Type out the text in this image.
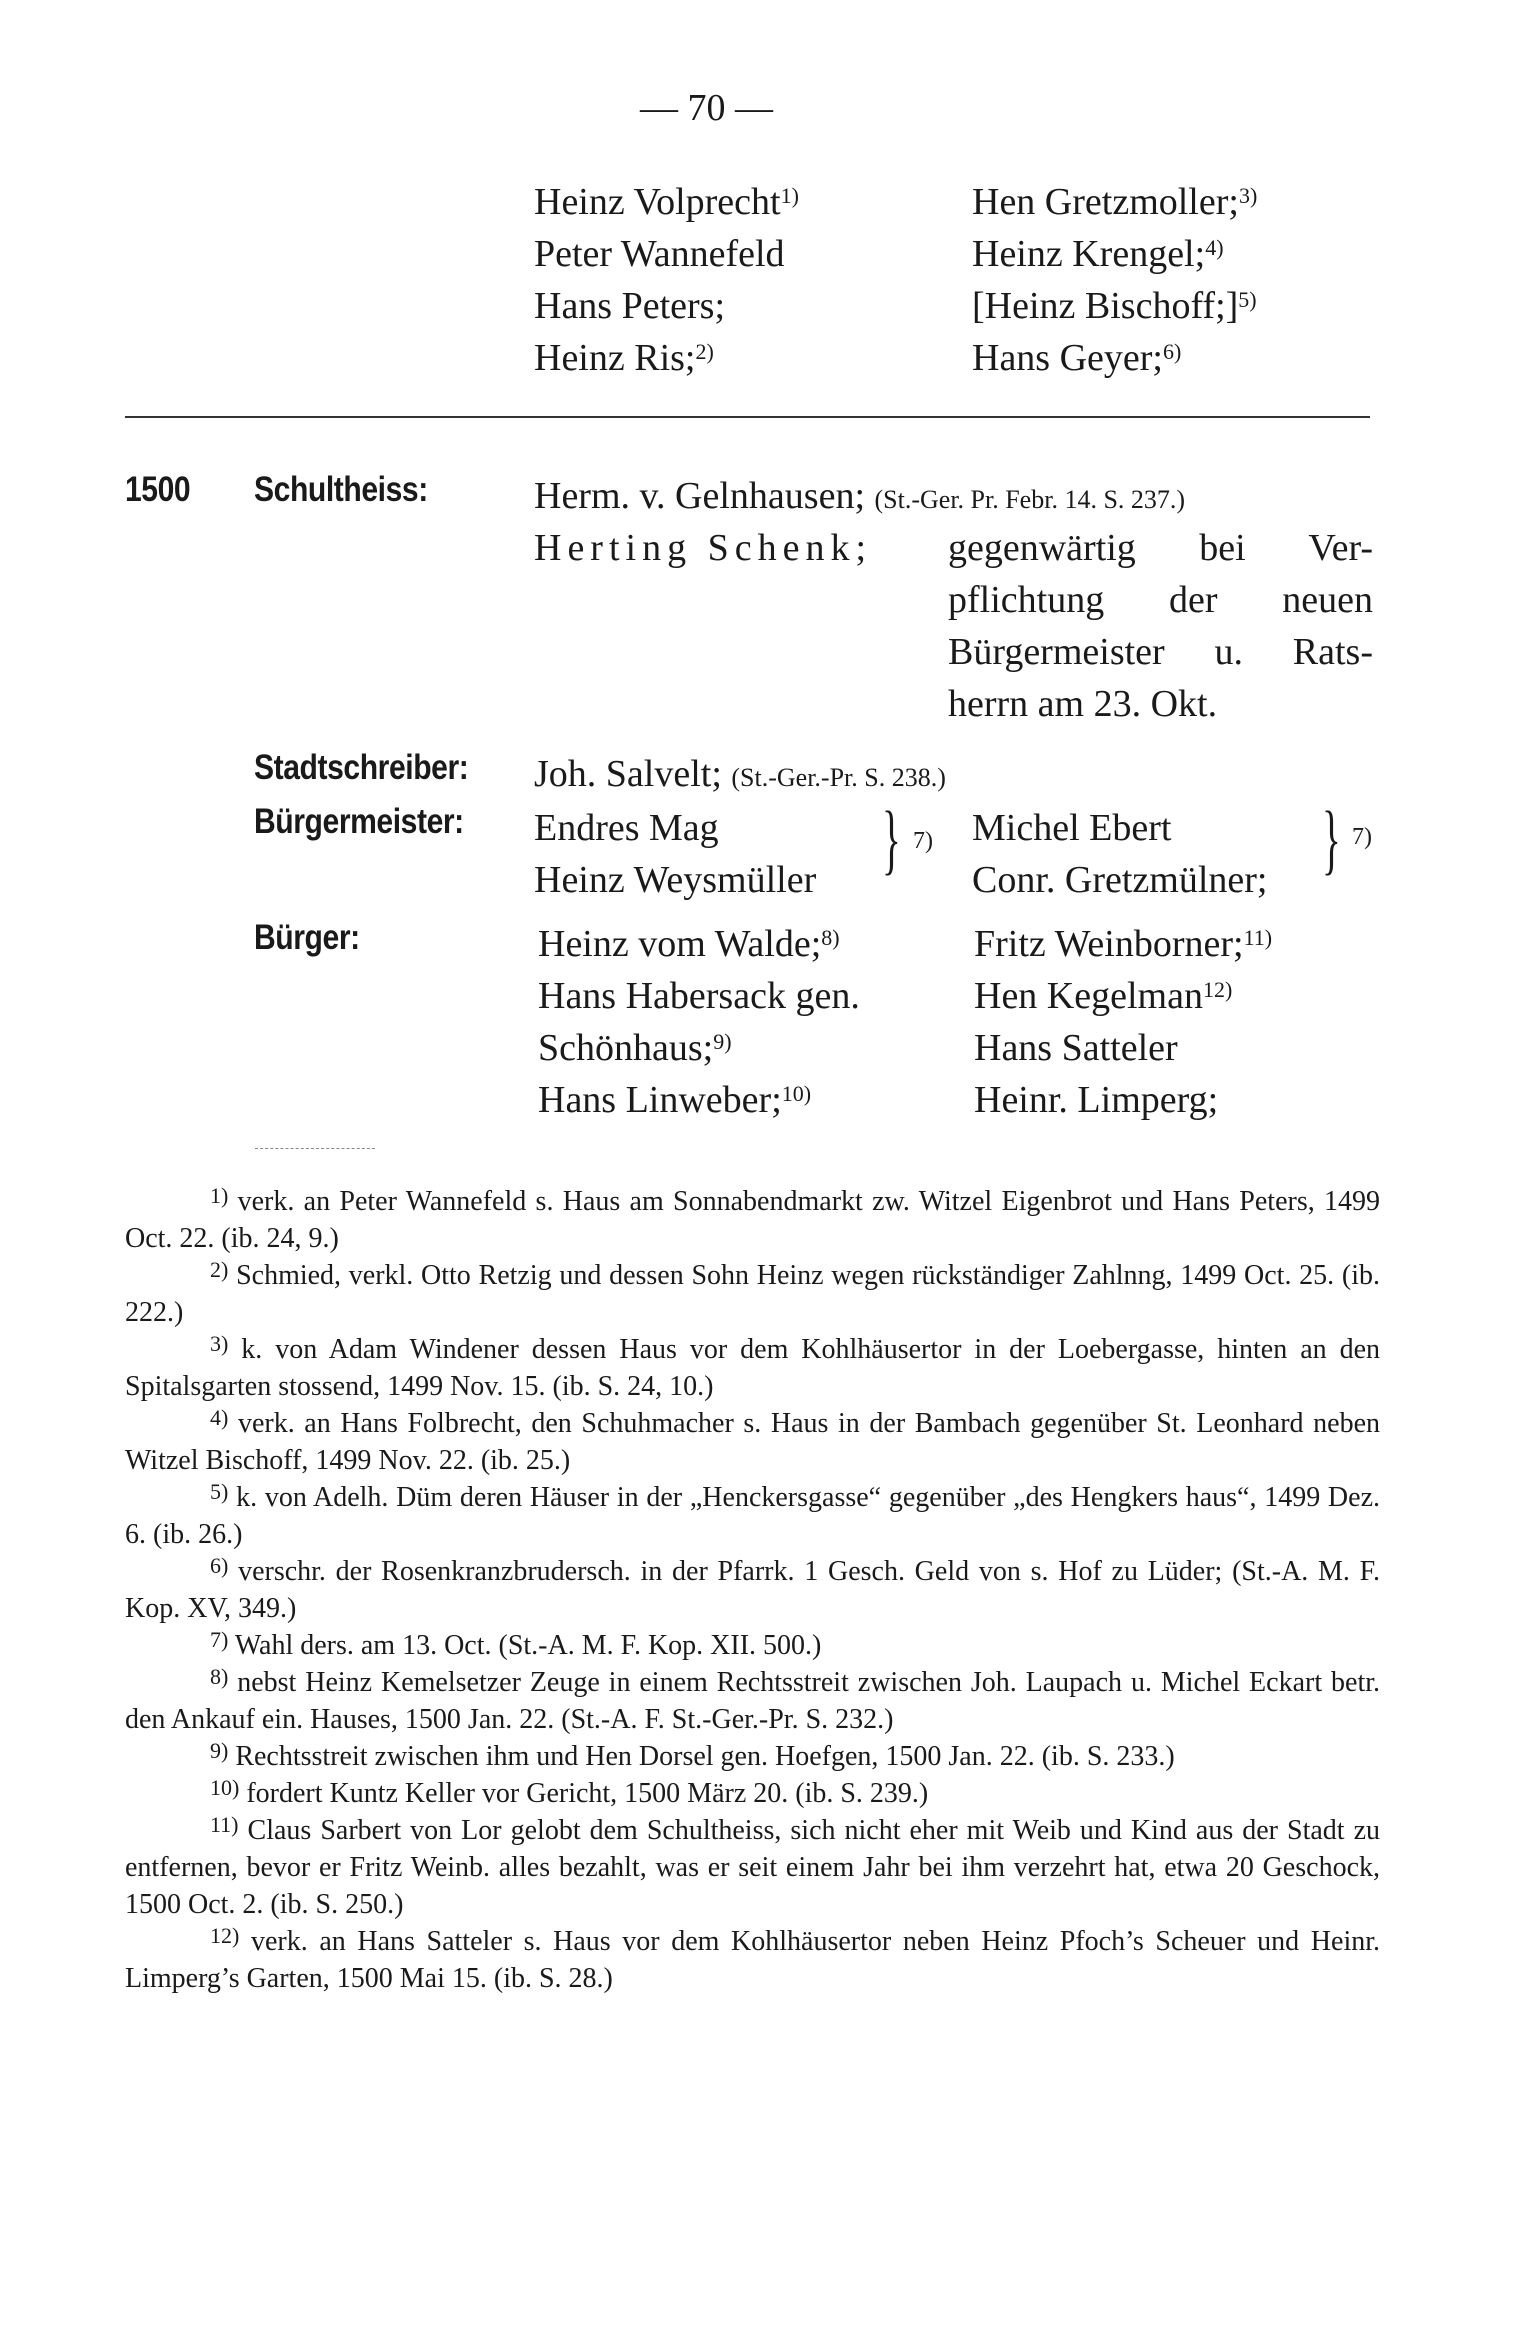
— 70 —
Heinz Volprecht$^{1)}$
Peter Wannefeld
Hans Peters;
Heinz Ris;$^{2)}$
Hen Gretzmoller;$^{3)}$
Heinz Krengel;$^{4)}$
[Heinz Bischoff;]$^{5)}$
Hans Geyer;$^{6)}$
1500 Schultheiss:	Herm. v. Gelnhausen; (St.-Ger. Pr. Febr. 14. S. 237.)
Herting Schenk; gegenwärtig bei Ver-
pflichtung der neuen
Bürgermeister u. Rats-
herrn am 23. Okt.
Stadtschreiber: Joh. Salvelt; (St.-Ger.-Pr. S. 238.)
Bürgermeister: Endres Mag
Heinz Weysmüller } 7) Michel Ebert
Conr. Gretzmülner; } 7)
Bürger:	Heinz vom Walde;$^{8)}$
Hans Habersack gen.
Schönhaus;$^{9)}$
Hans Linweber;$^{10)}$
Fritz Weinborner;$^{11)}$
Hen Kegelman$^{12)}$
Hans Satteler
Heinr. Limperg;

$^{1)}$ verk. an Peter Wannefeld s. Haus am Sonnabendmarkt zw. Witzel Eigenbrot und Hans Peters, 1499 Oct. 22. (ib. 24, 9.)

$^{2)}$ Schmied, verkl. Otto Retzig und dessen Sohn Heinz wegen rückständiger Zahlnng, 1499 Oct. 25. (ib. 222.)

$^{3)}$ k. von Adam Windener dessen Haus vor dem Kohlhäusertor in der Loebergasse, hinten an den Spitalsgarten stossend, 1499 Nov. 15. (ib. S. 24, 10.)

$^{4)}$ verk. an Hans Folbrecht, den Schuhmacher s. Haus in der Bambach gegenüber St. Leonhard neben Witzel Bischoff, 1499 Nov. 22. (ib. 25.)

$^{5)}$ k. von Adelh. Düm deren Häuser in der „Henckersgasse“ gegenüber „des Hengkers haus“, 1499 Dez. 6. (ib. 26.)

$^{6)}$ verschr. der Rosenkranzbrudersch. in der Pfarrk. 1 Gesch. Geld von s. Hof zu Lüder; (St.-A. M. F. Kop. XV, 349.)

$^{7)}$ Wahl ders. am 13. Oct. (St.-A. M. F. Kop. XII. 500.)

$^{8)}$ nebst Heinz Kemelsetzer Zeuge in einem Rechtsstreit zwischen Joh. Laupach u. Michel Eckart betr. den Ankauf ein. Hauses, 1500 Jan. 22. (St.-A. F. St.-Ger.-Pr. S. 232.)

$^{9)}$ Rechtsstreit zwischen ihm und Hen Dorsel gen. Hoefgen, 1500 Jan. 22. (ib. S. 233.)

$^{10)}$ fordert Kuntz Keller vor Gericht, 1500 März 20. (ib. S. 239.)

$^{11)}$ Claus Sarbert von Lor gelobt dem Schultheiss, sich nicht eher mit Weib und Kind aus der Stadt zu entfernen, bevor er Fritz Weinb. alles bezahlt, was er seit einem Jahr bei ihm verzehrt hat, etwa 20 Geschock, 1500 Oct. 2. (ib. S. 250.)

$^{12)}$ verk. an Hans Satteler s. Haus vor dem Kohlhäusertor neben Heinz Pfoch’s Scheuer und Heinr. Limperg’s Garten, 1500 Mai 15. (ib. S. 28.)
